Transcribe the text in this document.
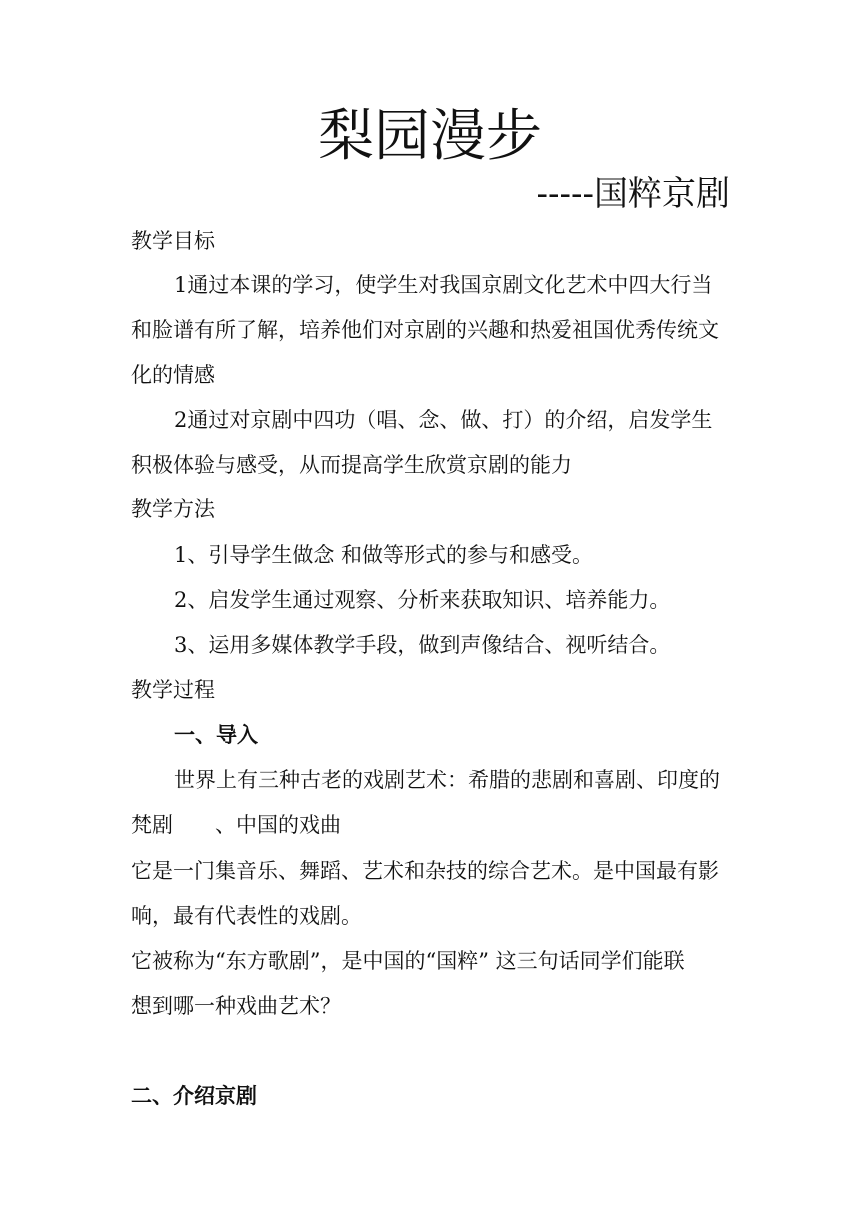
梨园漫步

-----国粹京剧

教学目标

1通过本课的学习，使学生对我国京剧文化艺术中四大行当

和脸谱有所了解，培养他们对京剧的兴趣和热爱祖国优秀传统文

化的情感

2通过对京剧中四功（唱、念、做、打）的介绍，启发学生

积极体验与感受，从而提高学生欣赏京剧的能力

教学方法

1、引导学生做念 和做等形式的参与和感受。

2、启发学生通过观察、分析来获取知识、培养能力。

3、运用多媒体教学手段，做到声像结合、视听结合。

教学过程

一、导入

世界上有三种古老的戏剧艺术：希腊的悲剧和喜剧、印度的

梵剧　　、中国的戏曲

它是一门集音乐、舞蹈、艺术和杂技的综合艺术。是中国最有影

响，最有代表性的戏剧。

它被称为“东方歌剧”，是中国的“国粹” 这三句话同学们能联

想到哪一种戏曲艺术？

二、介绍京剧
